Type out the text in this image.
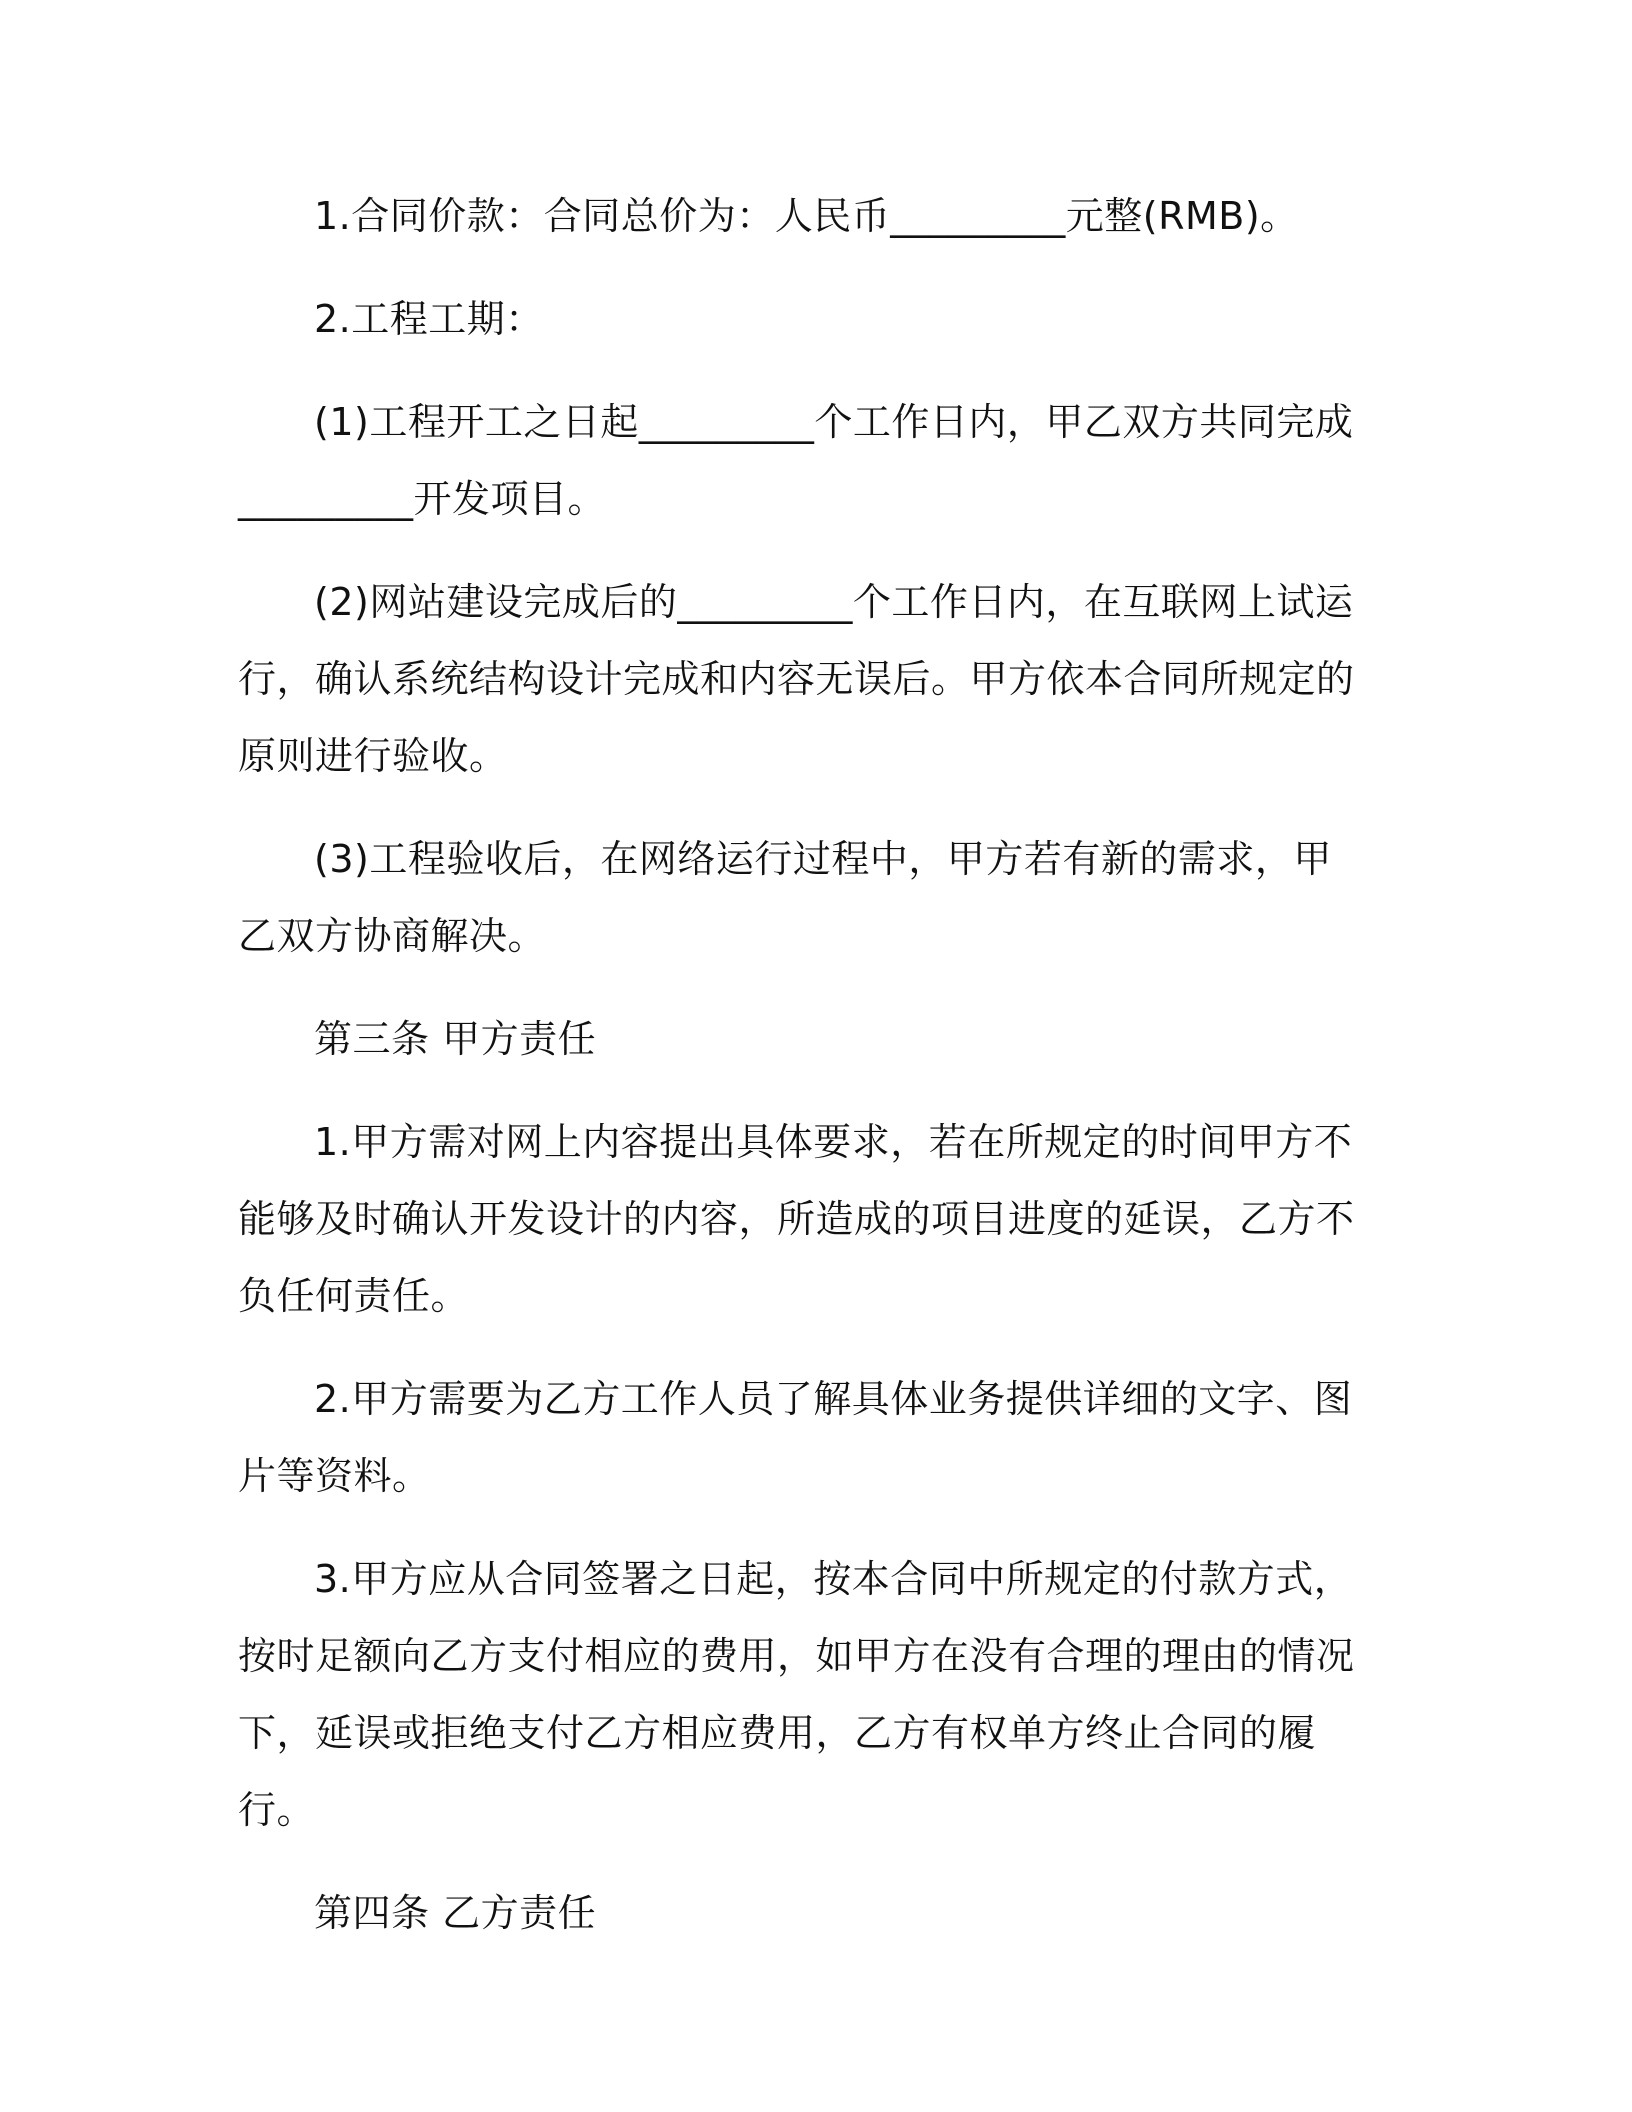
1.合同价款：合同总价为：人民币_________元整(RMB)。

2.工程工期：

(1)工程开工之日起_________个工作日内，甲乙双方共同完成_________开发项目。

(2)网站建设完成后的_________个工作日内，在互联网上试运行，确认系统结构设计完成和内容无误后。甲方依本合同所规定的原则进行验收。

(3)工程验收后，在网络运行过程中，甲方若有新的需求，甲乙双方协商解决。

第三条 甲方责任

1.甲方需对网上内容提出具体要求，若在所规定的时间甲方不能够及时确认开发设计的内容，所造成的项目进度的延误，乙方不负任何责任。

2.甲方需要为乙方工作人员了解具体业务提供详细的文字、图片等资料。

3.甲方应从合同签署之日起，按本合同中所规定的付款方式，按时足额向乙方支付相应的费用，如甲方在没有合理的理由的情况下，延误或拒绝支付乙方相应费用，乙方有权单方终止合同的履行。

第四条 乙方责任
